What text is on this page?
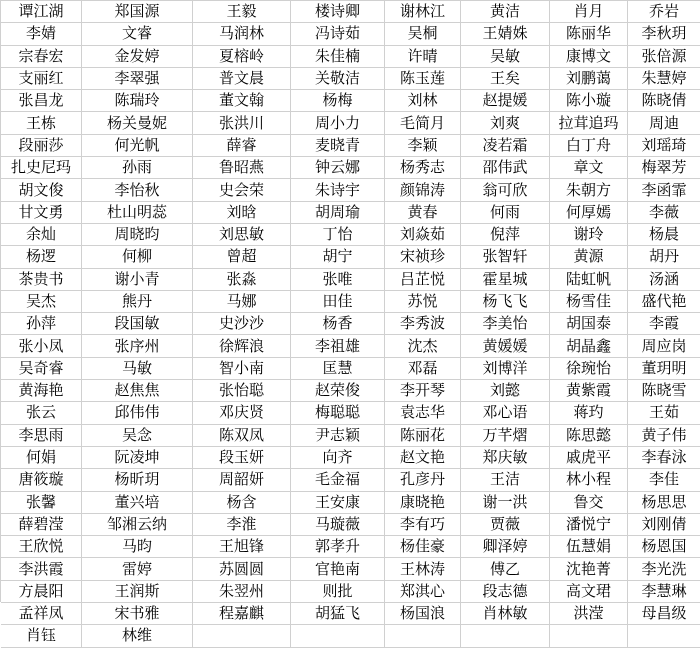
谭江湖	郑国源	王毅	楼诗卿	谢林江	黄洁	肖月	乔岩
李婧	文睿	马润林	冯诗茹	吴桐	王婧姝	陈丽华	李秋玥
宗春宏	金发婷	夏榕岭	朱佳楠	许晴	吴敏	康博文	张倍源
支丽红	李翠强	普文晨	关敬洁	陈玉莲	王矣	刘鹏蔼	朱慧婷
张昌龙	陈瑞玲	董文翰	杨梅	刘林	赵提媛	陈小璇	陈晓倩
王栋	杨关曼妮	张洪川	周小力	毛简月	刘爽	拉茸追玛	周迪
段丽莎	何光帆	薛睿	麦晓青	李颖	凌若霜	白丁舟	刘瑶琦
扎史尼玛	孙雨	鲁昭燕	钟云娜	杨秀志	邵伟武	章文	梅翠芳
胡文俊	李怡秋	史会荣	朱诗宇	颜锦涛	翁可欣	朱朝方	李函霏
甘文勇	杜山明蕊	刘晗	胡周瑜	黄春	何雨	何厚嫣	李薇
余灿	周晓昀	刘思敏	丁怡	刘焱茹	倪萍	谢玲	杨晨
杨逻	何柳	曾超	胡宁	宋祯珍	张智轩	黄源	胡丹
茶贵书	谢小青	张淼	张唯	吕芷悦	霍星城	陆虹帆	汤涵
吴杰	熊丹	马娜	田佳	苏悦	杨飞飞	杨雪佳	盛代艳
孙萍	段国敏	史沙沙	杨香	李秀波	李美怡	胡国泰	李霞
张小凤	张序州	徐辉浪	李祖雄	沈杰	黄媛媛	胡晶鑫	周应岗
吴奇睿	马敏	智小南	匡慧	邓磊	刘博洋	徐琬怡	董玥明
黄海艳	赵焦焦	张怡聪	赵荣俊	李开琴	刘懿	黄紫霞	陈晓雪
张云	邱伟伟	邓庆贤	梅聪聪	袁志华	邓心语	蒋玓	王茹
李思雨	吴念	陈双凤	尹志颖	陈丽花	万芊熠	陈思懿	黄子伟
何娟	阮凌坤	段玉妍	向齐	赵文艳	郑庆敏	戚虎平	李春泳
唐筱璇	杨昕玥	周韶妍	毛金福	孔彦丹	王洁	林小程	李佳
张馨	董兴培	杨含	王安康	康晓艳	谢一洪	鲁交	杨思思
薛碧滢	邹湘云纳	李淮	马璇薇	李有巧	贾薇	潘悦宁	刘刚倩
王欣悦	马昀	王旭锋	郭孝升	杨佳豪	卿泽婷	伍慧娟	杨恩国
李洪霞	雷婷	苏圆圆	官艳南	王林涛	傅乙	沈艳菁	李光洗
方晨阳	王润斯	朱翌州	则批	郑淇心	段志德	高文珺	李慧琳
孟祥凤	宋书雅	程嘉麒	胡猛飞	杨国浪	肖林敏	洪滢	母昌级
肖钰	林维
